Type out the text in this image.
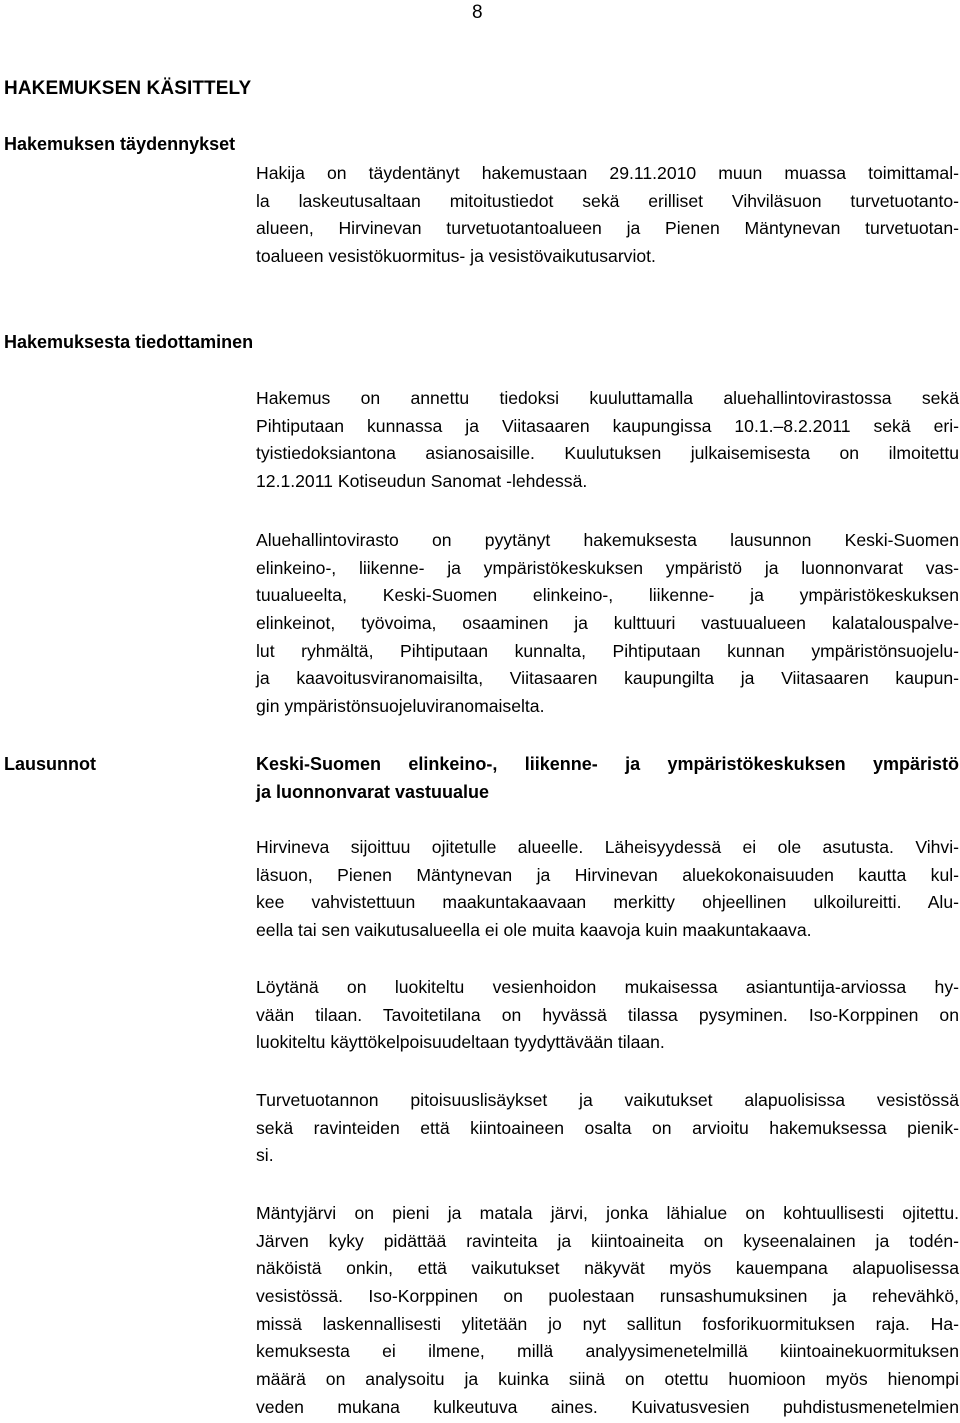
8
HAKEMUKSEN KÄSITTELY
Hakemuksen täydennykset
Hakija on täydentänyt hakemustaan 29.11.2010 muun muassa toimittamal-
la laskeutusaltaan mitoitustiedot sekä erilliset Vihviläsuon turvetuotanto-
alueen, Hirvinevan turvetuotantoalueen ja Pienen Mäntynevan turvetuotan-
toalueen vesistökuormitus- ja vesistövaikutusarviot.
Hakemuksesta tiedottaminen
Hakemus on annettu tiedoksi kuuluttamalla aluehallintovirastossa sekä
Pihtiputaan kunnassa ja Viitasaaren kaupungissa 10.1.–8.2.2011 sekä eri-
tyistiedoksiantona asianosaisille. Kuulutuksen julkaisemisesta on ilmoitettu
12.1.2011 Kotiseudun Sanomat -lehdessä.
Aluehallintovirasto on pyytänyt hakemuksesta lausunnon Keski-Suomen
elinkeino-, liikenne- ja ympäristökeskuksen ympäristö ja luonnonvarat vas-
tuualueelta, Keski-Suomen elinkeino-, liikenne- ja ympäristökeskuksen
elinkeinot, työvoima, osaaminen ja kulttuuri vastuualueen kalatalouspalve-
lut ryhmältä, Pihtiputaan kunnalta, Pihtiputaan kunnan ympäristönsuojelu-
ja kaavoitusviranomaisilta, Viitasaaren kaupungilta ja Viitasaaren kaupun-
gin ympäristönsuojeluviranomaiselta.
Lausunnot	Keski-Suomen elinkeino-, liikenne- ja ympäristökeskuksen ympäristö
ja luonnonvarat vastuualue
Hirvineva sijoittuu ojitetulle alueelle. Läheisyydessä ei ole asutusta. Vihvi-
läsuon, Pienen Mäntynevan ja Hirvinevan aluekokonaisuuden kautta kul-
kee vahvistettuun maakuntakaavaan merkitty ohjeellinen ulkoilureitti. Alu-
eella tai sen vaikutusalueella ei ole muita kaavoja kuin maakuntakaava.
Löytänä on luokiteltu vesienhoidon mukaisessa asiantuntija-arviossa hy-
vään tilaan. Tavoitetilana on hyvässä tilassa pysyminen. Iso-Korppinen on
luokiteltu käyttökelpoisuudeltaan tyydyttävään tilaan.
Turvetuotannon pitoisuuslisäykset ja vaikutukset alapuolisissa vesistössä
sekä ravinteiden että kiintoaineen osalta on arvioitu hakemuksessa pienik-
si.
Mäntyjärvi on pieni ja matala järvi, jonka lähialue on kohtuullisesti ojitettu.
Järven kyky pidättää ravinteita ja kiintoaineita on kyseenalainen ja todén-
näköistä onkin, että vaikutukset näkyvät myös kauempana alapuolisessa
vesistössä. Iso-Korppinen on puolestaan runsashumuksinen ja rehevähkö,
missä laskennallisesti ylitetään jo nyt sallitun fosforikuormituksen raja. Ha-
kemuksesta ei ilmene, millä analyysimenetelmillä kiintoainekuormituksen
määrä on analysoitu ja kuinka siinä on otettu huomioon myös hienompi
veden mukana kulkeutuva aines. Kuivatusvesien puhdistusmenetelmien
